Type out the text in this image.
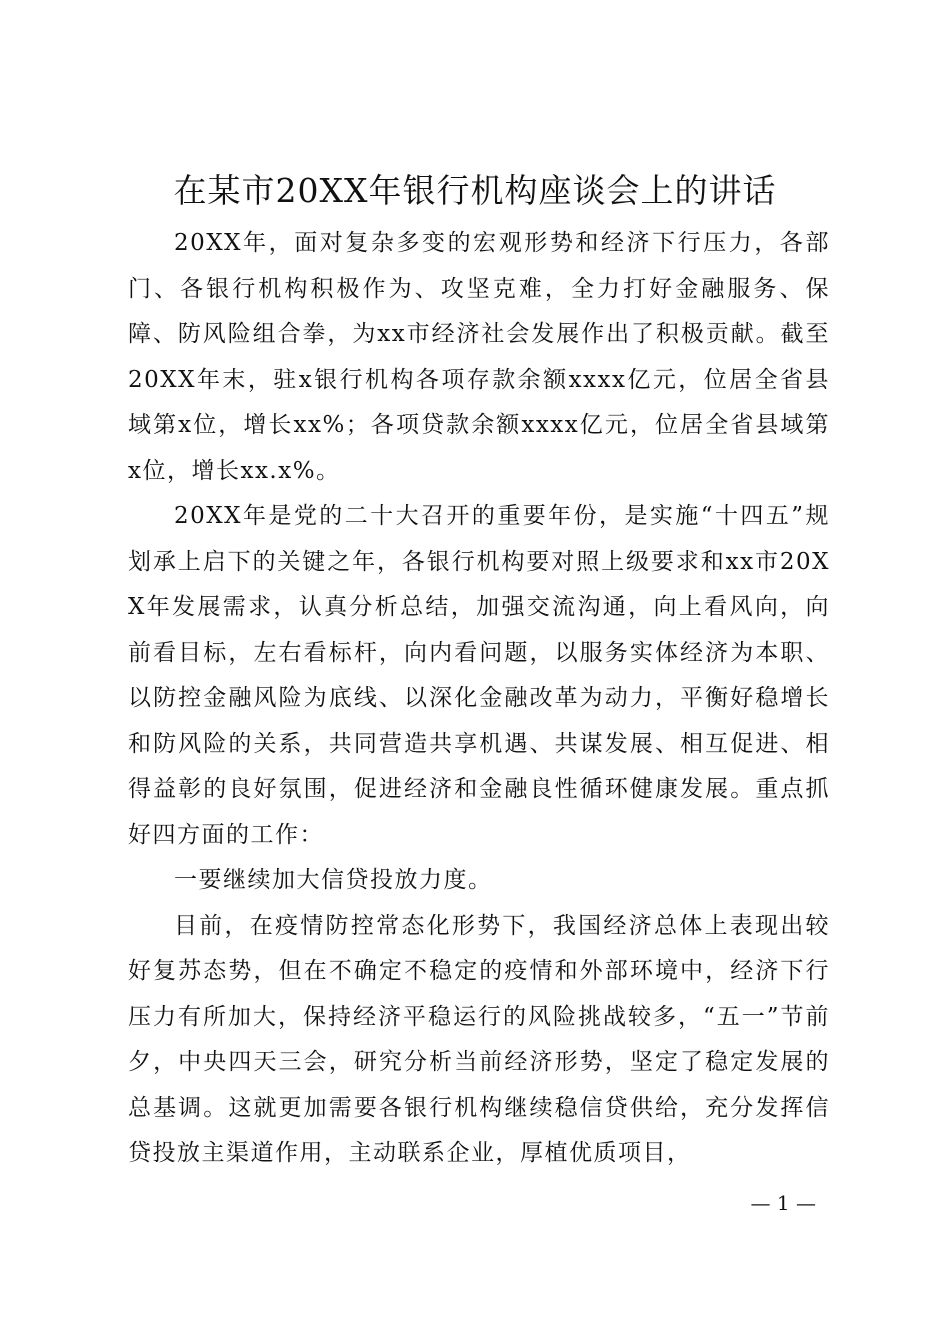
在某市20XX年银行机构座谈会上的讲话

20XX年，面对复杂多变的宏观形势和经济下行压力，各部门、各银行机构积极作为、攻坚克难，全力打好金融服务、保障、防风险组合拳，为xx市经济社会发展作出了积极贡献。截至20XX年末，驻x银行机构各项存款余额xxxx亿元，位居全省县域第x位，增长xx%；各项贷款余额xxxx亿元，位居全省县域第x位，增长xx.x%。

20XX年是党的二十大召开的重要年份，是实施“十四五”规划承上启下的关键之年，各银行机构要对照上级要求和xx市20XX年发展需求，认真分析总结，加强交流沟通，向上看风向，向前看目标，左右看标杆，向内看问题，以服务实体经济为本职、以防控金融风险为底线、以深化金融改革为动力，平衡好稳增长和防风险的关系，共同营造共享机遇、共谋发展、相互促进、相得益彰的良好氛围，促进经济和金融良性循环健康发展。重点抓好四方面的工作：

一要继续加大信贷投放力度。

目前，在疫情防控常态化形势下，我国经济总体上表现出较好复苏态势，但在不确定不稳定的疫情和外部环境中，经济下行压力有所加大，保持经济平稳运行的风险挑战较多，“五一”节前夕，中央四天三会，研究分析当前经济形势，坚定了稳定发展的总基调。这就更加需要各银行机构继续稳信贷供给，充分发挥信贷投放主渠道作用，主动联系企业，厚植优质项目，

— 1 —
